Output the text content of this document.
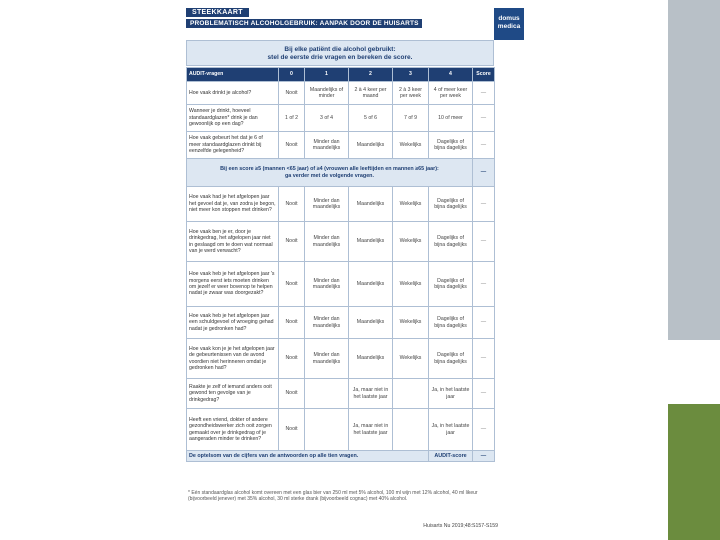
STEEKKAART
PROBLEMATISCH ALCOHOLGEBRUIK: AANPAK DOOR DE HUISARTS
domus medica
Bij elke patiënt die alcohol gebruikt:
stel de eerste drie vragen en bereken de score.
AUDIT-vragen	0	1	2	3	4	Score
Hoe vaak drinkt je alcohol?	Nooit	Maandelijks of minder	2 à 4 keer per maand	2 à 3 keer per week	4 of meer keer per week	—
Wanneer je drinkt, hoeveel standaardglazen* drink je dan gewoonlijk op een dag?	1 of 2	3 of 4	5 of 6	7 of 9	10 of meer	—
Hoe vaak gebeurt het dat je 6 of meer standaardglazen drinkt bij eenzelfde gelegenheid?	Nooit	Minder dan maandelijks	Maandelijks	Wekelijks	Dagelijks of bijna dagelijks	—

Bij een score ≥5 (mannen <65 jaar) of ≥4 (vrouwen alle leeftijden en mannen ≥65 jaar):
ga verder met de volgende vragen.						—
Hoe vaak had je het afgelopen jaar het gevoel dat je, van zodra je begon, niet meer kon stoppen met drinken?	Nooit	Minder dan maandelijks	Maandelijks	Wekelijks	Dagelijks of bijna dagelijks	—
Hoe vaak ben je er, door je drinkgedrag, het afgelopen jaar niet in geslaagd om te doen wat normaal van je werd verwacht?	Nooit	Minder dan maandelijks	Maandelijks	Wekelijks	Dagelijks of bijna dagelijks	—
Hoe vaak heb je het afgelopen jaar 's morgens eerst iets moeten drinken om jezelf er weer bovenop te helpen nadat je zwaar was doorgezakt?	Nooit	Minder dan maandelijks	Maandelijks	Wekelijks	Dagelijks of bijna dagelijks	—
Hoe vaak heb je het afgelopen jaar een schuldgevoel of wroeging gehad nadat je gedronken had?	Nooit	Minder dan maandelijks	Maandelijks	Wekelijks	Dagelijks of bijna dagelijks	—
Hoe vaak kon je je het afgelopen jaar de gebeurtenissen van de avond voordien niet herinneren omdat je gedronken had?	Nooit	Minder dan maandelijks	Maandelijks	Wekelijks	Dagelijks of bijna dagelijks	—
Raakte je zelf of iemand anders ooit gewond ten gevolge van je drinkgedrag?	Nooit		Ja, maar niet in het laatste jaar		Ja, in het laatste jaar	—
Heeft een vriend, dokter of andere gezondheidswerker zich ooit zorgen gemaakt over je drinkgedrag of je aangeraden minder te drinken?	Nooit		Ja, maar niet in het laatste jaar		Ja, in het laatste jaar	—
De optelsom van de cijfers van de antwoorden op alle tien vragen.					AUDIT-score	—
* Eén standaardglas alcohol komt overeen met een glas bier van 250 ml met 5% alcohol, 100 ml wijn met 12% alcohol, 40 ml likeur (bijvoorbeeld jenever) met 35% alcohol, 30 ml sterke drank (bijvoorbeeld cognac) met 40% alcohol.
Huisarts Nu 2019;48:S157-S159
